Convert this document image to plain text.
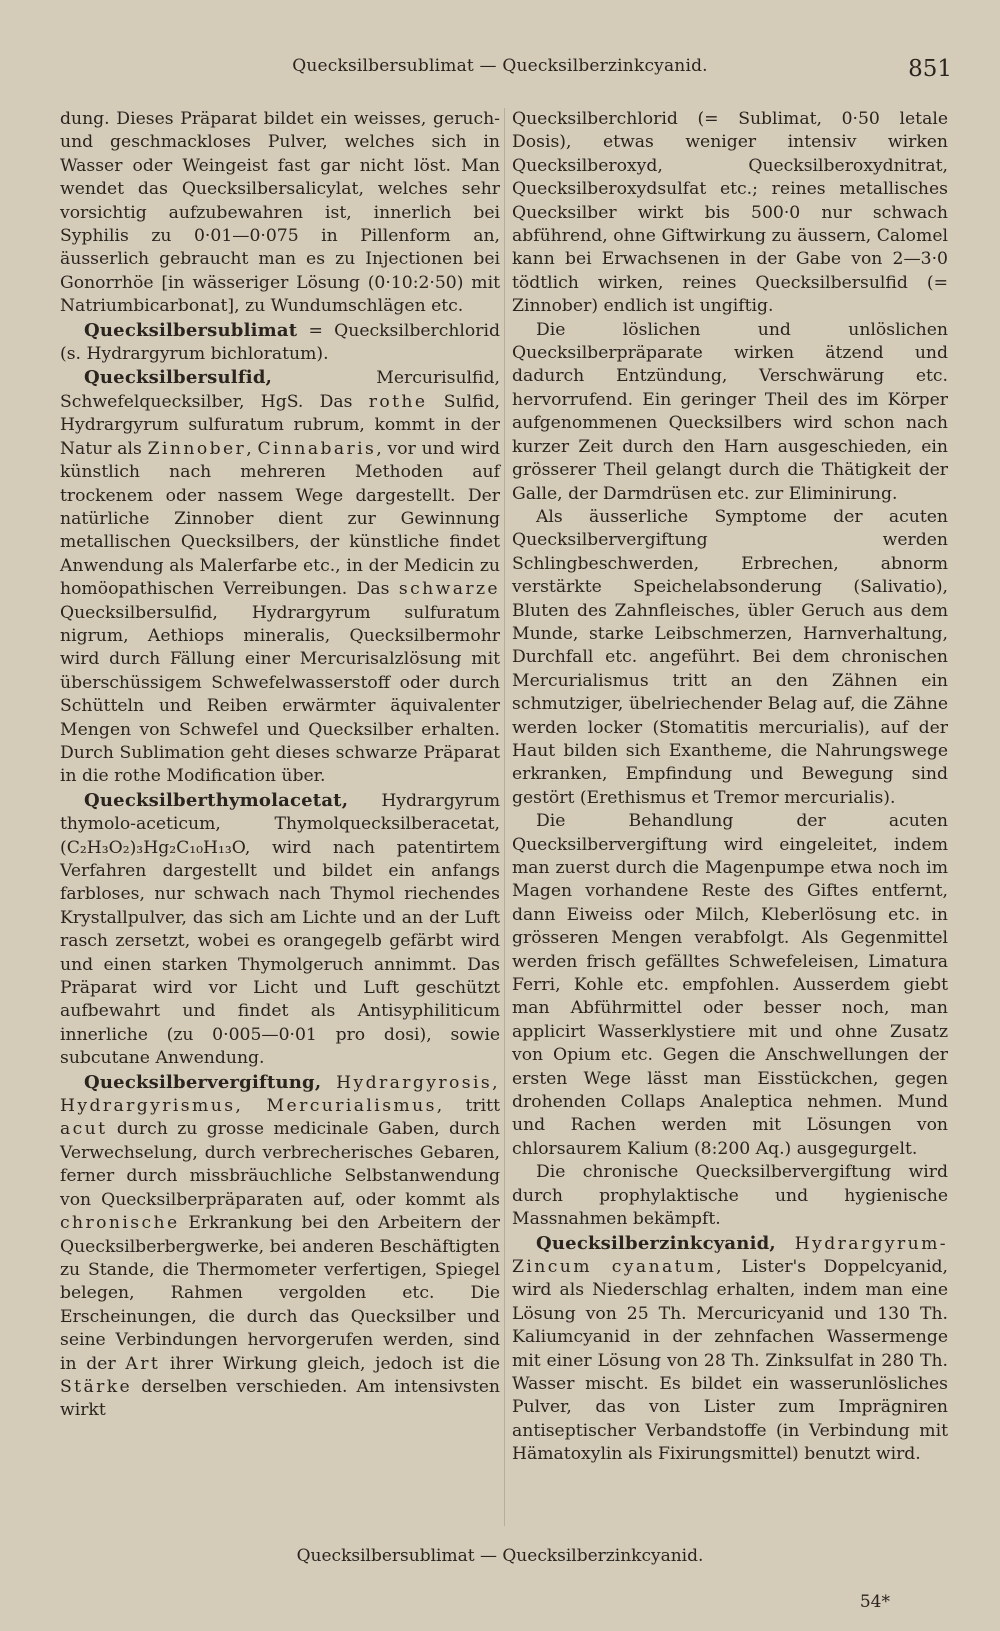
Quecksilbersublimat — Quecksilberzinkcyanid.	851

dung. Dieses Präparat bildet ein weisses, geruch- und geschmackloses Pulver, welches sich in Wasser oder Weingeist fast gar nicht löst. Man wendet das Quecksilbersalicylat, welches sehr vorsichtig aufzubewahren ist, innerlich bei Syphilis zu 0·01—0·075 in Pillenform an, äusserlich gebraucht man es zu Injectionen bei Gonorrhöe [in wässeriger Lösung (0·10:2·50) mit Natriumbicarbonat], zu Wundumschlägen etc.

Quecksilbersublimat = Quecksilberchlorid (s. Hydrargyrum bichloratum).

Quecksilbersulfid, Mercurisulfid, Schwefelquecksilber, HgS. Das rothe Sulfid, Hydrargyrum sulfuratum rubrum, kommt in der Natur als Zinnober, Cinnabaris, vor und wird künstlich nach mehreren Methoden auf trockenem oder nassem Wege dargestellt. Der natürliche Zinnober dient zur Gewinnung metallischen Quecksilbers, der künstliche findet Anwendung als Malerfarbe etc., in der Medicin zu homöopathischen Verreibungen. Das schwarze Quecksilbersulfid, Hydrargyrum sulfuratum nigrum, Aethiops mineralis, Quecksilbermohr wird durch Fällung einer Mercurisalzlösung mit überschüssigem Schwefelwasserstoff oder durch Schütteln und Reiben erwärmter äquivalenter Mengen von Schwefel und Quecksilber erhalten. Durch Sublimation geht dieses schwarze Präparat in die rothe Modification über.

Quecksilberthymolacetat, Hydrargyrum thymolo-aceticum, Thymolquecksilberacetat, (C₂H₃O₂)₃Hg₂C₁₀H₁₃O, wird nach patentirtem Verfahren dargestellt und bildet ein anfangs farbloses, nur schwach nach Thymol riechendes Krystallpulver, das sich am Lichte und an der Luft rasch zersetzt, wobei es orangegelb gefärbt wird und einen starken Thymolgeruch annimmt. Das Präparat wird vor Licht und Luft geschützt aufbewahrt und findet als Antisyphiliticum innerliche (zu 0·005—0·01 pro dosi), sowie subcutane Anwendung.

Quecksilbervergiftung, Hydrargyrosis, Hydrargyrismus, Mercurialismus, tritt acut durch zu grosse medicinale Gaben, durch Verwechselung, durch verbrecherisches Gebaren, ferner durch missbräuchliche Selbstanwendung von Quecksilberpräparaten auf, oder kommt als chronische Erkrankung bei den Arbeitern der Quecksilberbergwerke, bei anderen Beschäftigten zu Stande, die Thermometer verfertigen, Spiegel belegen, Rahmen vergolden etc. Die Erscheinungen, die durch das Quecksilber und seine Verbindungen hervorgerufen werden, sind in der Art ihrer Wirkung gleich, jedoch ist die Stärke derselben verschieden. Am intensivsten wirkt

Quecksilberchlorid (= Sublimat, 0·50 letale Dosis), etwas weniger intensiv wirken Quecksilberoxyd, Quecksilberoxydnitrat, Quecksilberoxydsulfat etc.; reines metallisches Quecksilber wirkt bis 500·0 nur schwach abführend, ohne Giftwirkung zu äussern, Calomel kann bei Erwachsenen in der Gabe von 2—3·0 tödtlich wirken, reines Quecksilbersulfid (= Zinnober) endlich ist ungiftig.

Die löslichen und unlöslichen Quecksilberpräparate wirken ätzend und dadurch Entzündung, Verschwärung etc. hervorrufend. Ein geringer Theil des im Körper aufgenommenen Quecksilbers wird schon nach kurzer Zeit durch den Harn ausgeschieden, ein grösserer Theil gelangt durch die Thätigkeit der Galle, der Darmdrüsen etc. zur Eliminirung.

Als äusserliche Symptome der acuten Quecksilbervergiftung werden Schlingbeschwerden, Erbrechen, abnorm verstärkte Speichelabsonderung (Salivatio), Bluten des Zahnfleisches, übler Geruch aus dem Munde, starke Leibschmerzen, Harnverhaltung, Durchfall etc. angeführt. Bei dem chronischen Mercurialismus tritt an den Zähnen ein schmutziger, übelriechender Belag auf, die Zähne werden locker (Stomatitis mercurialis), auf der Haut bilden sich Exantheme, die Nahrungswege erkranken, Empfindung und Bewegung sind gestört (Erethismus et Tremor mercurialis).

Die Behandlung der acuten Quecksilbervergiftung wird eingeleitet, indem man zuerst durch die Magenpumpe etwa noch im Magen vorhandene Reste des Giftes entfernt, dann Eiweiss oder Milch, Kleberlösung etc. in grösseren Mengen verabfolgt. Als Gegenmittel werden frisch gefälltes Schwefeleisen, Limatura Ferri, Kohle etc. empfohlen. Ausserdem giebt man Abführmittel oder besser noch, man applicirt Wasserklystiere mit und ohne Zusatz von Opium etc. Gegen die Anschwellungen der ersten Wege lässt man Eisstückchen, gegen drohenden Collaps Analeptica nehmen. Mund und Rachen werden mit Lösungen von chlorsaurem Kalium (8:200 Aq.) ausgegurgelt.

Die chronische Quecksilbervergiftung wird durch prophylaktische und hygienische Massnahmen bekämpft.

Quecksilberzinkcyanid, Hydrargyrum-Zincum cyanatum, Lister's Doppelcyanid, wird als Niederschlag erhalten, indem man eine Lösung von 25 Th. Mercuricyanid und 130 Th. Kaliumcyanid in der zehnfachen Wassermenge mit einer Lösung von 28 Th. Zinksulfat in 280 Th. Wasser mischt. Es bildet ein wasserunlösliches Pulver, das von Lister zum Imprägniren antiseptischer Verbandstoffe (in Verbindung mit Hämatoxylin als Fixirungsmittel) benutzt wird.

Quecksilbersublimat — Quecksilberzinkcyanid.
54*
